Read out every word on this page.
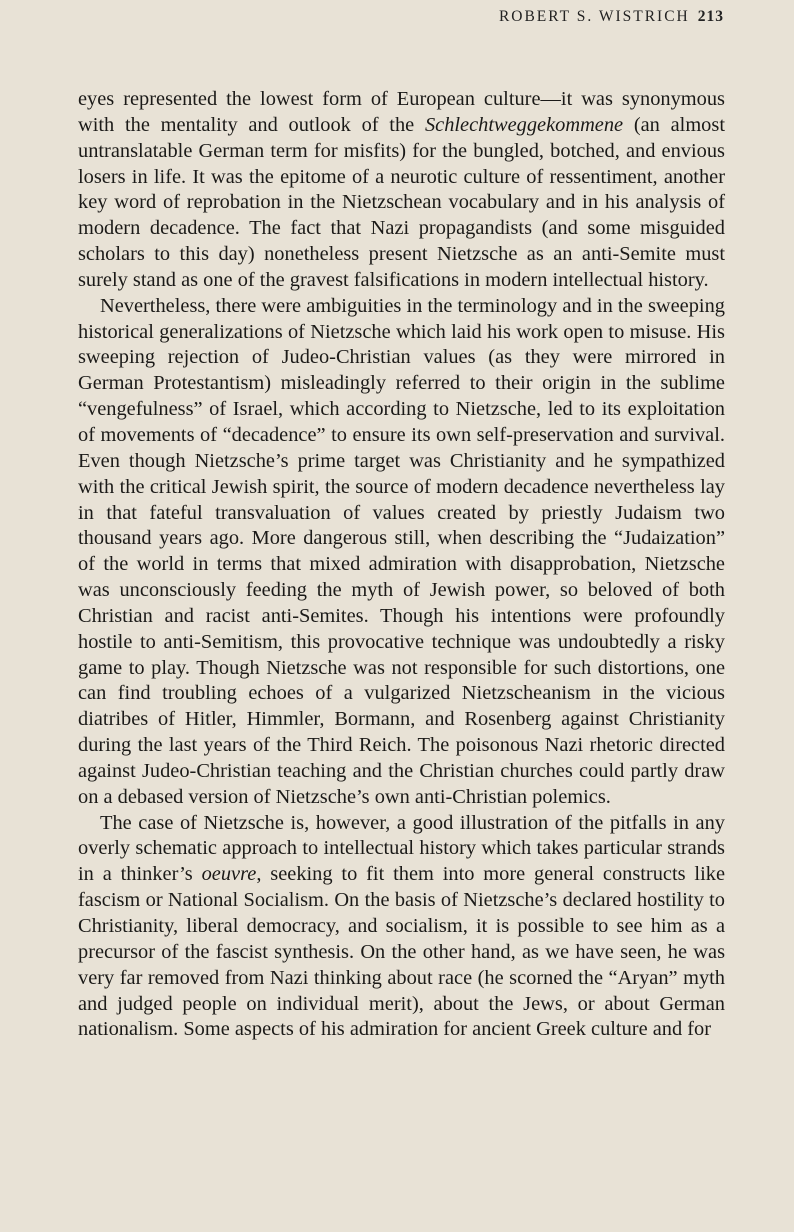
ROBERT S. WISTRICH 213

eyes represented the lowest form of European culture—it was synonymous with the mentality and outlook of the Schlechtweggekommene (an almost untranslatable German term for misfits) for the bungled, botched, and envious losers in life. It was the epitome of a neurotic culture of ressentiment, another key word of reprobation in the Nietzschean vocabulary and in his analysis of modern decadence. The fact that Nazi propagandists (and some misguided scholars to this day) nonetheless present Nietzsche as an anti-Semite must surely stand as one of the gravest falsifications in modern intellectual history.

Nevertheless, there were ambiguities in the terminology and in the sweeping historical generalizations of Nietzsche which laid his work open to misuse. His sweeping rejection of Judeo-Christian values (as they were mirrored in German Protestantism) misleadingly referred to their origin in the sublime “vengefulness” of Israel, which according to Nietzsche, led to its exploitation of movements of “decadence” to ensure its own self-preservation and survival. Even though Nietzsche’s prime target was Christianity and he sympathized with the critical Jewish spirit, the source of modern decadence nevertheless lay in that fateful transvaluation of values created by priestly Judaism two thousand years ago. More dangerous still, when describing the “Judaization” of the world in terms that mixed admiration with disapprobation, Nietzsche was unconsciously feeding the myth of Jewish power, so beloved of both Christian and racist anti-Semites. Though his intentions were profoundly hostile to anti-Semitism, this provocative technique was undoubtedly a risky game to play. Though Nietzsche was not responsible for such distortions, one can find troubling echoes of a vulgarized Nietzscheanism in the vicious diatribes of Hitler, Himmler, Bormann, and Rosenberg against Christianity during the last years of the Third Reich. The poisonous Nazi rhetoric directed against Judeo-Christian teaching and the Christian churches could partly draw on a debased version of Nietzsche’s own anti-Christian polemics.

The case of Nietzsche is, however, a good illustration of the pitfalls in any overly schematic approach to intellectual history which takes particular strands in a thinker’s oeuvre, seeking to fit them into more general constructs like fascism or National Socialism. On the basis of Nietzsche’s declared hostility to Christianity, liberal democracy, and socialism, it is possible to see him as a precursor of the fascist synthesis. On the other hand, as we have seen, he was very far removed from Nazi thinking about race (he scorned the “Aryan” myth and judged people on individual merit), about the Jews, or about German nationalism. Some aspects of his admiration for ancient Greek culture and for
